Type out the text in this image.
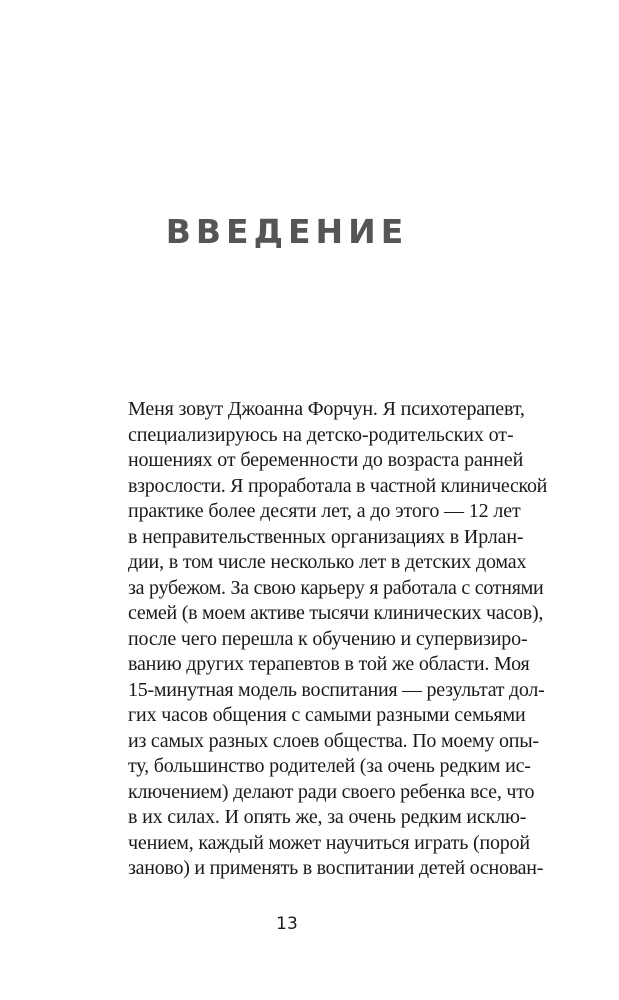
ВВЕДЕНИЕ
Меня зовут Джоанна Форчун. Я психотерапевт,
специализируюсь на детско-родительских от-
ношениях от беременности до возраста ранней
взрослости. Я проработала в частной клинической
практике более десяти лет, а до этого — 12 лет
в неправительственных организациях в Ирлан-
дии, в том числе несколько лет в детских домах
за рубежом. За свою карьеру я работала с сотнями
семей (в моем активе тысячи клинических часов),
после чего перешла к обучению и супервизиро-
ванию других терапевтов в той же области. Моя
15-минутная модель воспитания — результат дол-
гих часов общения с самыми разными семьями
из самых разных слоев общества. По моему опы-
ту, большинство родителей (за очень редким ис-
ключением) делают ради своего ребенка все, что
в их силах. И опять же, за очень редким исклю-
чением, каждый может научиться играть (порой
заново) и применять в воспитании детей основан-
13
